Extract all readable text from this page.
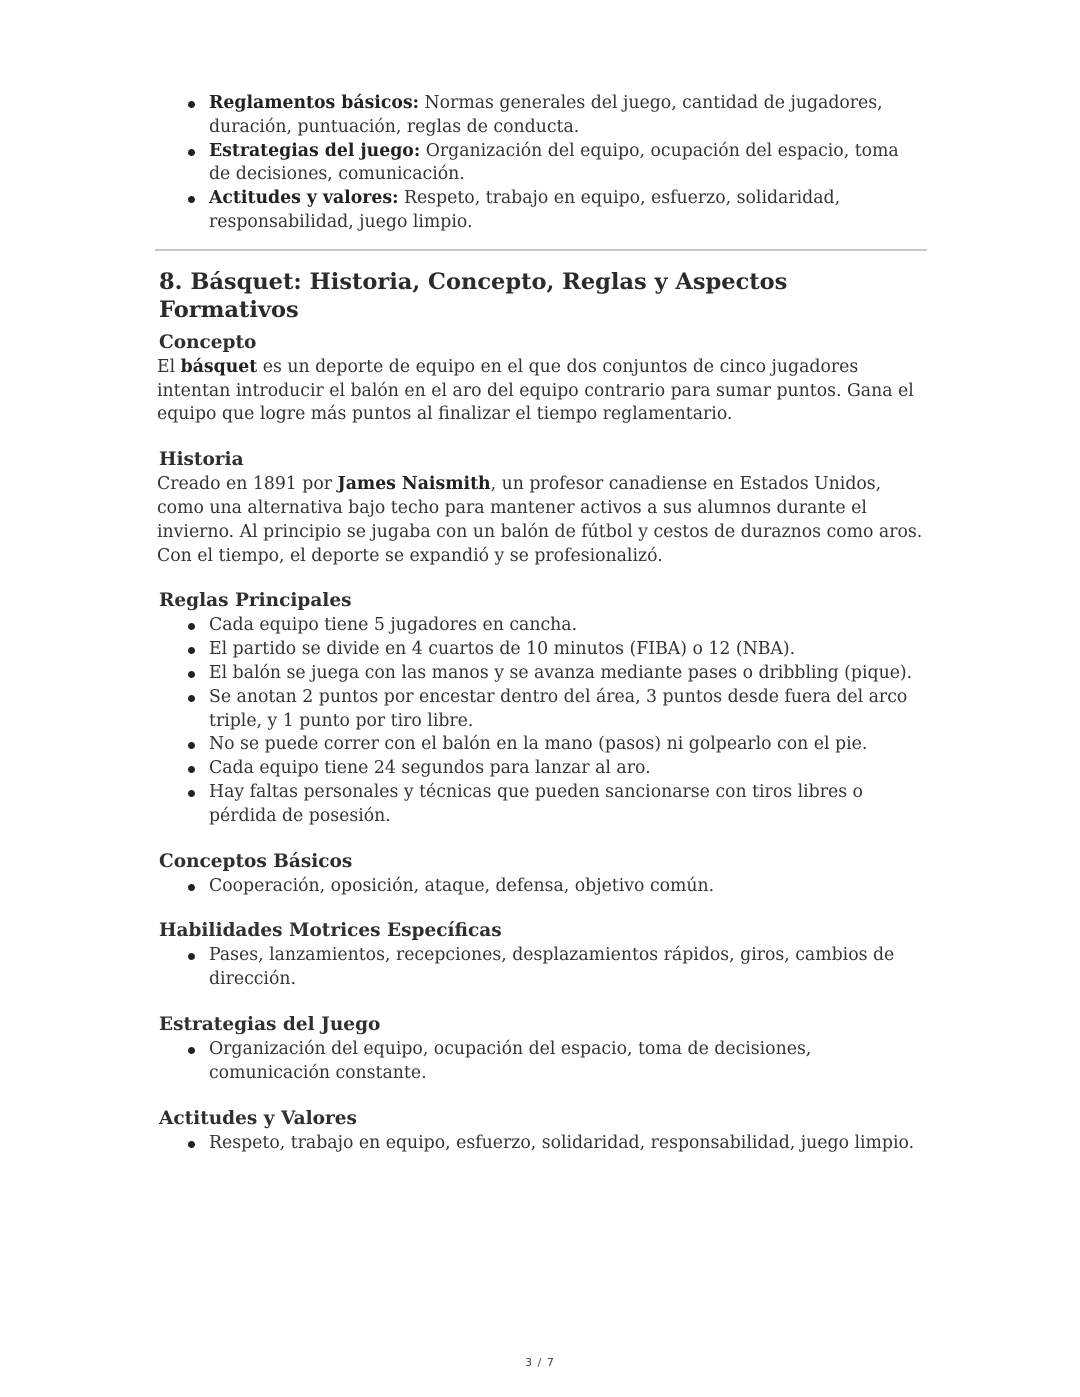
Reglamentos básicos: Normas generales del juego, cantidad de jugadores, duración, puntuación, reglas de conducta.
Estrategias del juego: Organización del equipo, ocupación del espacio, toma de decisiones, comunicación.
Actitudes y valores: Respeto, trabajo en equipo, esfuerzo, solidaridad, responsabilidad, juego limpio.
8. Básquet: Historia, Concepto, Reglas y Aspectos Formativos
Concepto

El básquet es un deporte de equipo en el que dos conjuntos de cinco jugadores intentan introducir el balón en el aro del equipo contrario para sumar puntos. Gana el equipo que logre más puntos al finalizar el tiempo reglamentario.

Historia

Creado en 1891 por James Naismith, un profesor canadiense en Estados Unidos, como una alternativa bajo techo para mantener activos a sus alumnos durante el invierno. Al principio se jugaba con un balón de fútbol y cestos de duraznos como aros. Con el tiempo, el deporte se expandió y se profesionalizó.

Reglas Principales
Cada equipo tiene 5 jugadores en cancha.
El partido se divide en 4 cuartos de 10 minutos (FIBA) o 12 (NBA).
El balón se juega con las manos y se avanza mediante pases o dribbling (pique).
Se anotan 2 puntos por encestar dentro del área, 3 puntos desde fuera del arco triple, y 1 punto por tiro libre.
No se puede correr con el balón en la mano (pasos) ni golpearlo con el pie.
Cada equipo tiene 24 segundos para lanzar al aro.
Hay faltas personales y técnicas que pueden sancionarse con tiros libres o pérdida de posesión.
Conceptos Básicos
Cooperación, oposición, ataque, defensa, objetivo común.
Habilidades Motrices Específicas
Pases, lanzamientos, recepciones, desplazamientos rápidos, giros, cambios de dirección.
Estrategias del Juego
Organización del equipo, ocupación del espacio, toma de decisiones, comunicación constante.
Actitudes y Valores
Respeto, trabajo en equipo, esfuerzo, solidaridad, responsabilidad, juego limpio.
3 / 7
